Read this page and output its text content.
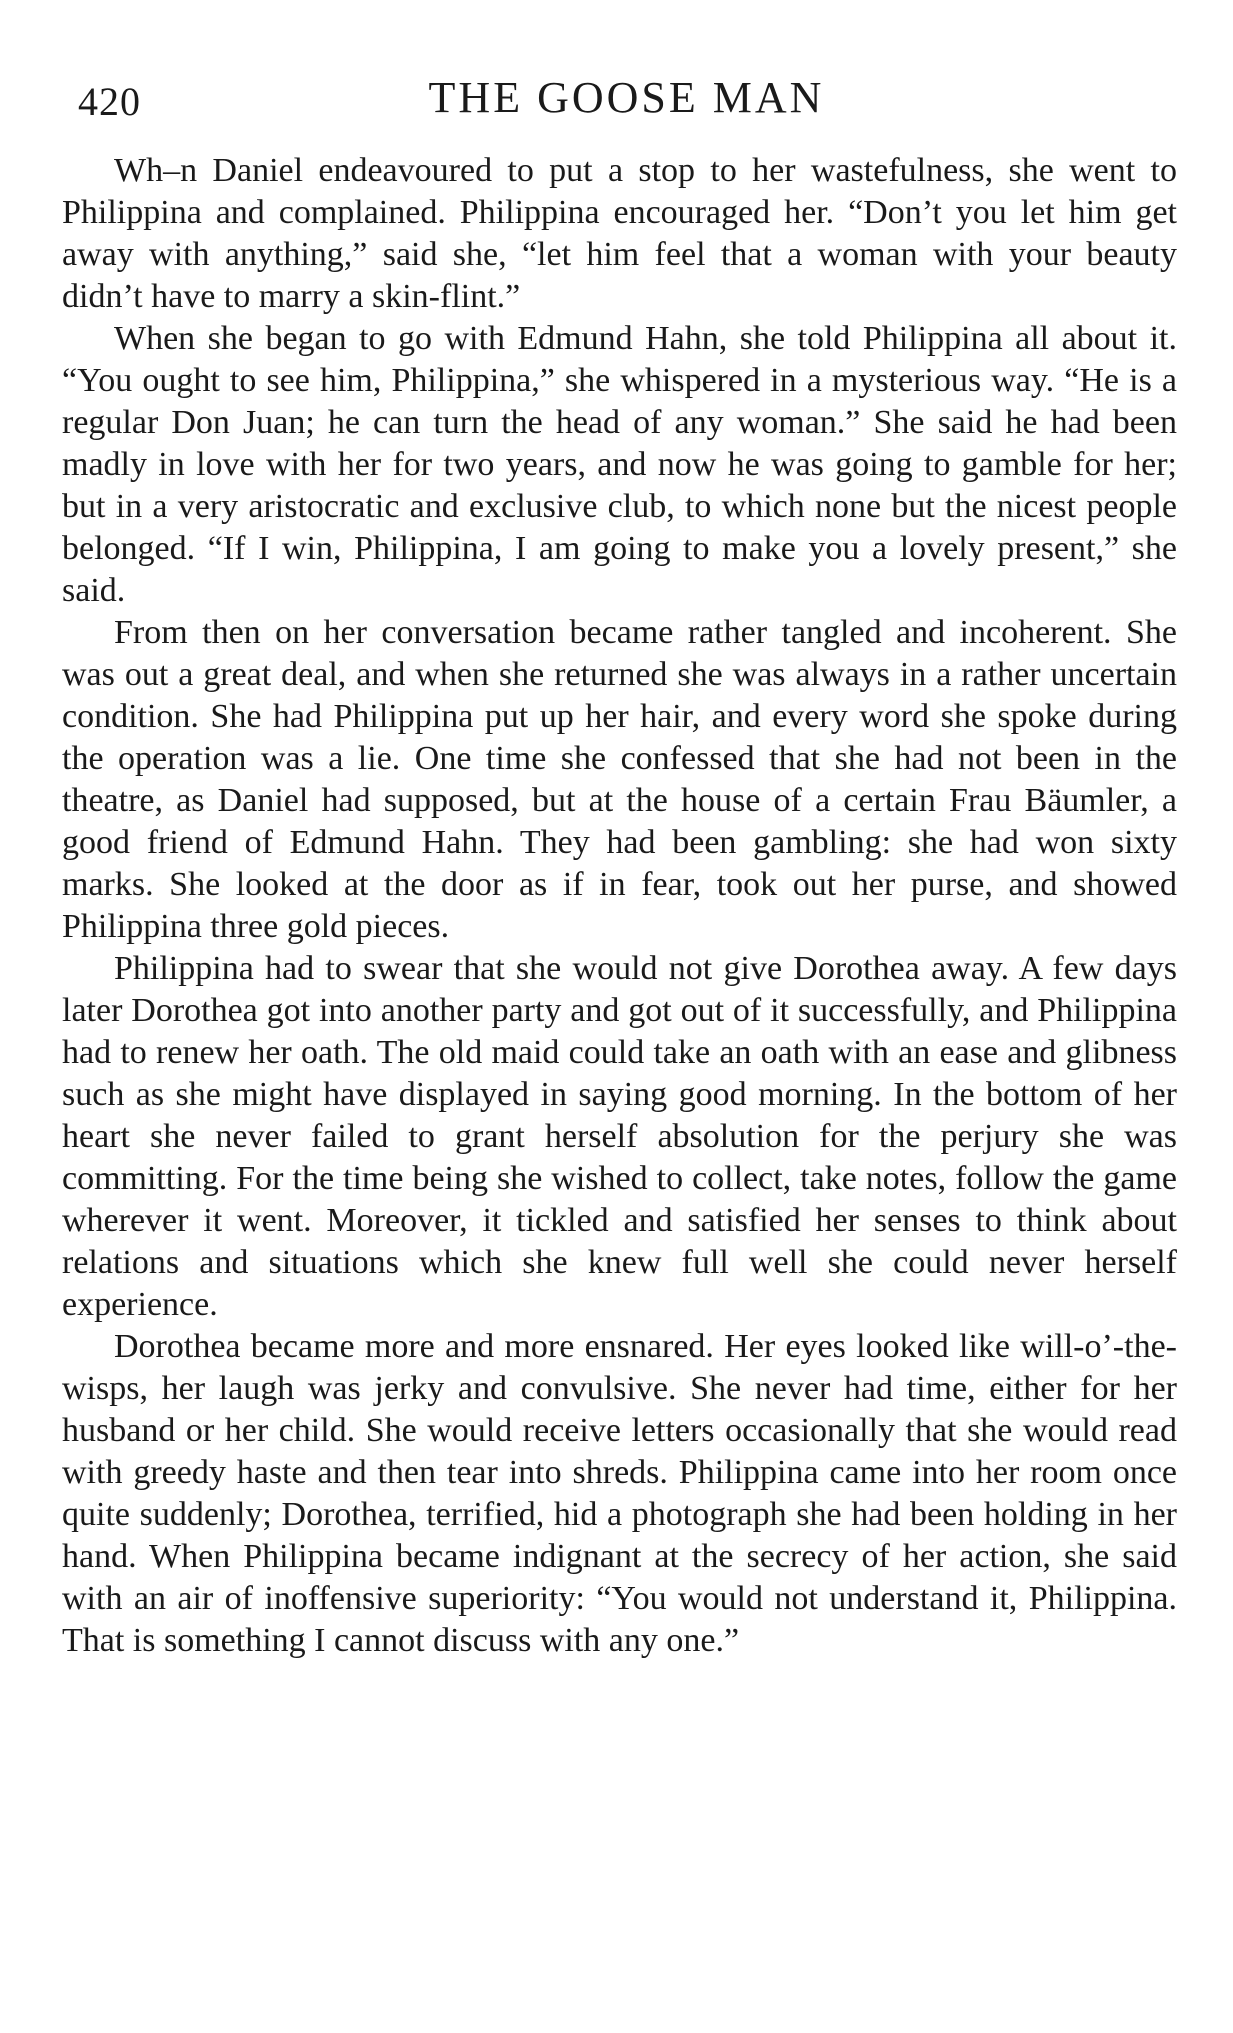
420	THE GOOSE MAN

Wh–n Daniel endeavoured to put a stop to her wastefulness, she went to Philippina and complained. Philippina encouraged her. “Don’t you let him get away with anything,” said she, “let him feel that a woman with your beauty didn’t have to marry a skin-flint.”

When she began to go with Edmund Hahn, she told Philippina all about it. “You ought to see him, Philippina,” she whispered in a mysterious way. “He is a regular Don Juan; he can turn the head of any woman.” She said he had been madly in love with her for two years, and now he was going to gamble for her; but in a very aristocratic and exclusive club, to which none but the nicest people belonged. “If I win, Philippina, I am going to make you a lovely present,” she said.

From then on her conversation became rather tangled and incoherent. She was out a great deal, and when she returned she was always in a rather uncertain condition. She had Philippina put up her hair, and every word she spoke during the operation was a lie. One time she confessed that she had not been in the theatre, as Daniel had supposed, but at the house of a certain Frau Bäumler, a good friend of Edmund Hahn. They had been gambling: she had won sixty marks. She looked at the door as if in fear, took out her purse, and showed Philippina three gold pieces.

Philippina had to swear that she would not give Dorothea away. A few days later Dorothea got into another party and got out of it successfully, and Philippina had to renew her oath. The old maid could take an oath with an ease and glibness such as she might have displayed in saying good morning. In the bottom of her heart she never failed to grant herself absolution for the perjury she was committing. For the time being she wished to collect, take notes, follow the game wherever it went. Moreover, it tickled and satisfied her senses to think about relations and situations which she knew full well she could never herself experience.

Dorothea became more and more ensnared. Her eyes looked like will-o’-the-wisps, her laugh was jerky and convulsive. She never had time, either for her husband or her child. She would receive letters occasionally that she would read with greedy haste and then tear into shreds. Philippina came into her room once quite suddenly; Dorothea, terrified, hid a photograph she had been holding in her hand. When Philippina became indignant at the secrecy of her action, she said with an air of inoffensive superiority: “You would not understand it, Philippina. That is something I cannot discuss with any one.”
